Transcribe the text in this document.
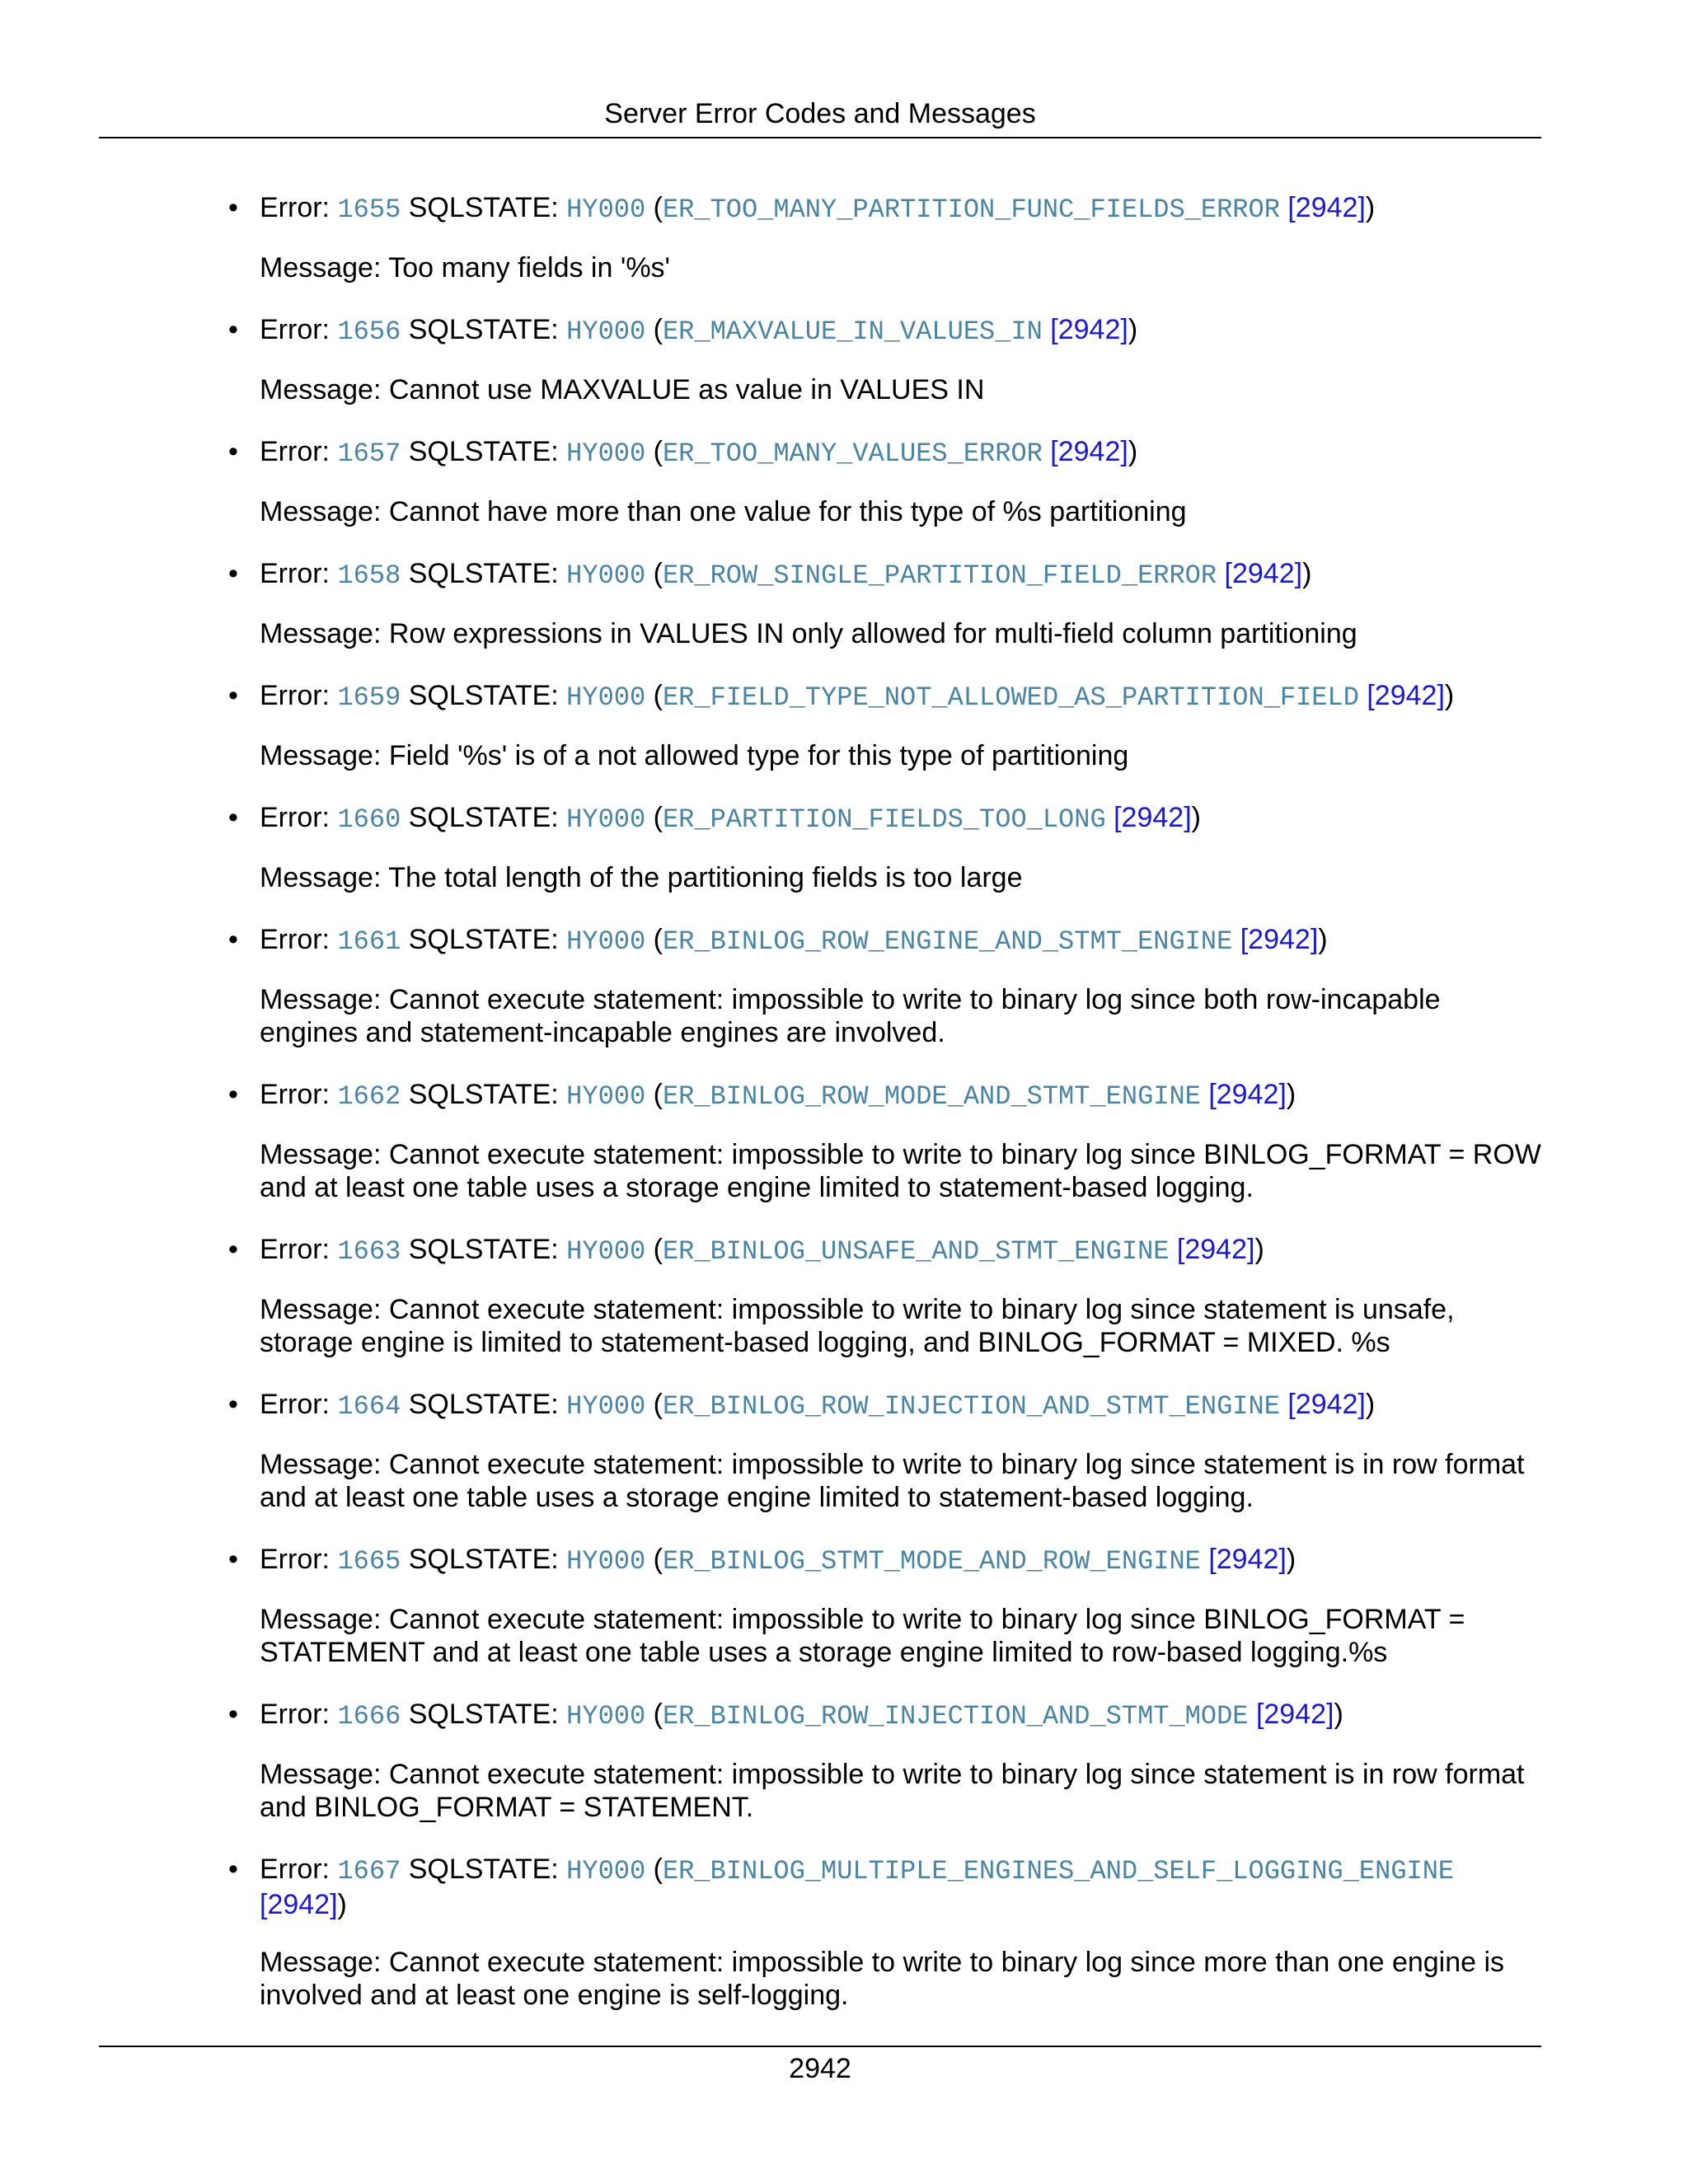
Server Error Codes and Messages
• Error: 1655 SQLSTATE: HY000 (ER_TOO_MANY_PARTITION_FUNC_FIELDS_ERROR [2942])

Message: Too many fields in '%s'

• Error: 1656 SQLSTATE: HY000 (ER_MAXVALUE_IN_VALUES_IN [2942])

Message: Cannot use MAXVALUE as value in VALUES IN

• Error: 1657 SQLSTATE: HY000 (ER_TOO_MANY_VALUES_ERROR [2942])

Message: Cannot have more than one value for this type of %s partitioning

• Error: 1658 SQLSTATE: HY000 (ER_ROW_SINGLE_PARTITION_FIELD_ERROR [2942])

Message: Row expressions in VALUES IN only allowed for multi-field column partitioning

• Error: 1659 SQLSTATE: HY000 (ER_FIELD_TYPE_NOT_ALLOWED_AS_PARTITION_FIELD [2942])

Message: Field '%s' is of a not allowed type for this type of partitioning

• Error: 1660 SQLSTATE: HY000 (ER_PARTITION_FIELDS_TOO_LONG [2942])

Message: The total length of the partitioning fields is too large

• Error: 1661 SQLSTATE: HY000 (ER_BINLOG_ROW_ENGINE_AND_STMT_ENGINE [2942])

Message: Cannot execute statement: impossible to write to binary log since both row-incapable engines and statement-incapable engines are involved.

• Error: 1662 SQLSTATE: HY000 (ER_BINLOG_ROW_MODE_AND_STMT_ENGINE [2942])

Message: Cannot execute statement: impossible to write to binary log since BINLOG_FORMAT = ROW and at least one table uses a storage engine limited to statement-based logging.

• Error: 1663 SQLSTATE: HY000 (ER_BINLOG_UNSAFE_AND_STMT_ENGINE [2942])

Message: Cannot execute statement: impossible to write to binary log since statement is unsafe, storage engine is limited to statement-based logging, and BINLOG_FORMAT = MIXED. %s

• Error: 1664 SQLSTATE: HY000 (ER_BINLOG_ROW_INJECTION_AND_STMT_ENGINE [2942])

Message: Cannot execute statement: impossible to write to binary log since statement is in row format and at least one table uses a storage engine limited to statement-based logging.

• Error: 1665 SQLSTATE: HY000 (ER_BINLOG_STMT_MODE_AND_ROW_ENGINE [2942])

Message: Cannot execute statement: impossible to write to binary log since BINLOG_FORMAT = STATEMENT and at least one table uses a storage engine limited to row-based logging.%s

• Error: 1666 SQLSTATE: HY000 (ER_BINLOG_ROW_INJECTION_AND_STMT_MODE [2942])

Message: Cannot execute statement: impossible to write to binary log since statement is in row format and BINLOG_FORMAT = STATEMENT.

• Error: 1667 SQLSTATE: HY000 (ER_BINLOG_MULTIPLE_ENGINES_AND_SELF_LOGGING_ENGINE [2942])

Message: Cannot execute statement: impossible to write to binary log since more than one engine is involved and at least one engine is self-logging.

2942
